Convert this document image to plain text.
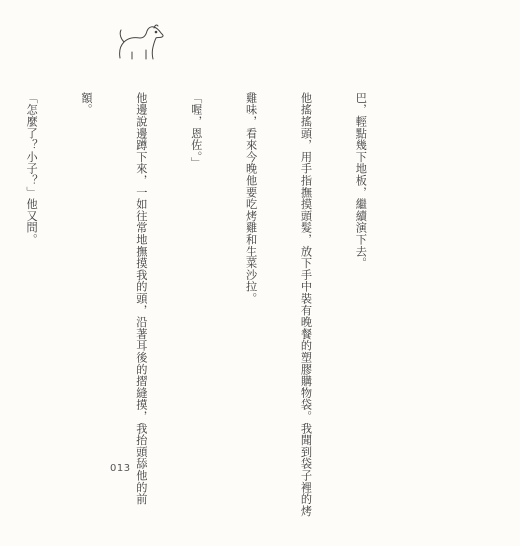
巴，輕點幾下地板，繼續演下去。

他搖搖頭，用手指撫摸頭髮，放下手中裝有晚餐的塑膠購物袋。我聞到袋子裡的烤

雞味，看來今晚他要吃烤雞和生菜沙拉。

「喔，恩佐。」

他邊說邊蹲下來，一如往常地撫摸我的頭，沿著耳後的摺縫摸，我抬頭舔他的前

額。

「怎麼了？小子？」他又問。

013
